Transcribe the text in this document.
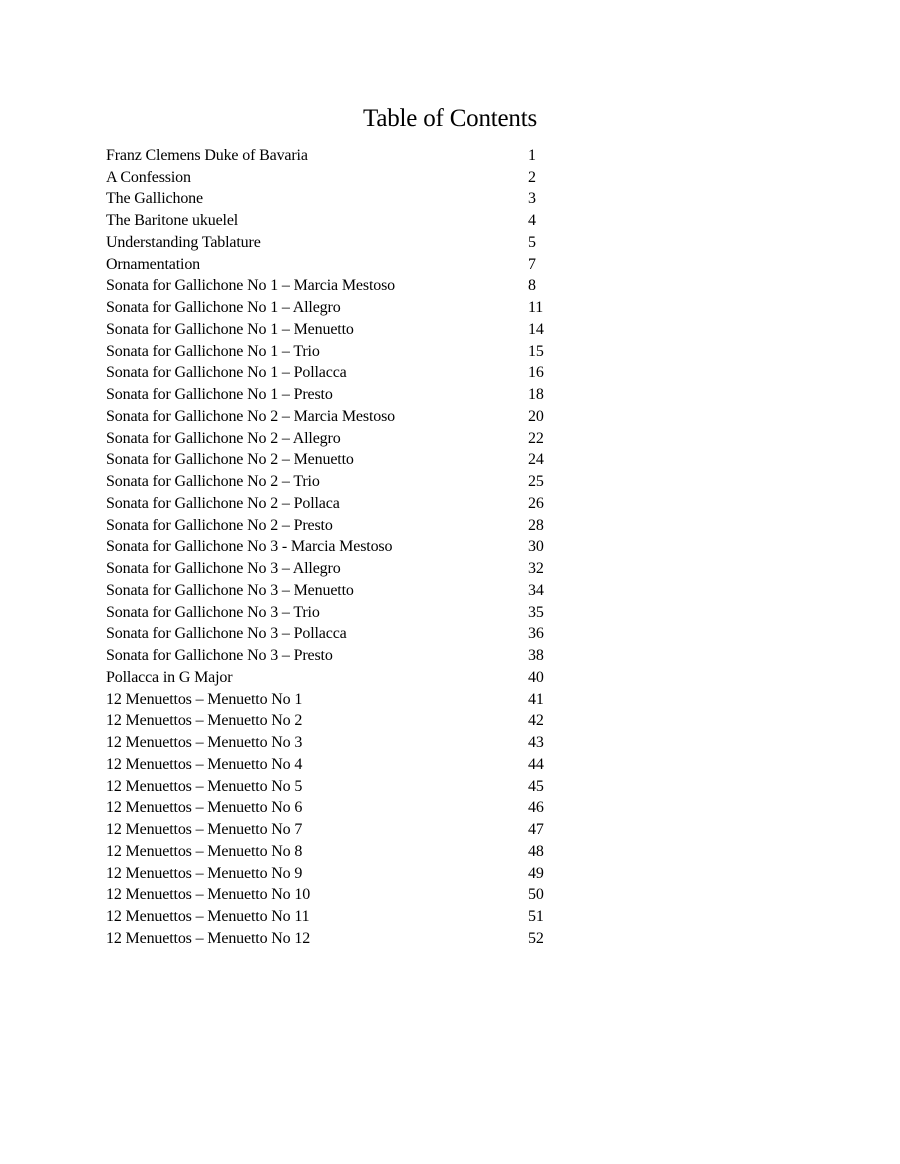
Table of Contents
Franz Clemens Duke of Bavaria	1
A Confession	2
The Gallichone	3
The Baritone ukuelel	4
Understanding Tablature	5
Ornamentation	7
Sonata for Gallichone No 1 – Marcia Mestoso	8
Sonata for Gallichone No 1 – Allegro	11
Sonata for Gallichone No 1 – Menuetto	14
Sonata for Gallichone No 1 – Trio	15
Sonata for Gallichone No 1 – Pollacca	16
Sonata for Gallichone No 1 – Presto	18
Sonata for Gallichone No 2 – Marcia Mestoso	20
Sonata for Gallichone No 2 – Allegro	22
Sonata for Gallichone No 2 – Menuetto	24
Sonata for Gallichone No 2 – Trio	25
Sonata for Gallichone No 2 – Pollaca	26
Sonata for Gallichone No 2 – Presto	28
Sonata for Gallichone No 3 - Marcia Mestoso	30
Sonata for Gallichone No 3 – Allegro	32
Sonata for Gallichone No 3 – Menuetto	34
Sonata for Gallichone No 3 – Trio	35
Sonata for Gallichone No 3 – Pollacca	36
Sonata for Gallichone No 3 – Presto	38
Pollacca in G Major	40
12 Menuettos – Menuetto No 1	41
12 Menuettos – Menuetto No 2	42
12 Menuettos – Menuetto No 3	43
12 Menuettos – Menuetto No 4	44
12 Menuettos – Menuetto No 5	45
12 Menuettos – Menuetto No 6	46
12 Menuettos – Menuetto No 7	47
12 Menuettos – Menuetto No 8	48
12 Menuettos – Menuetto No 9	49
12 Menuettos – Menuetto No 10	50
12 Menuettos – Menuetto No 11	51
12 Menuettos – Menuetto No 12	52
